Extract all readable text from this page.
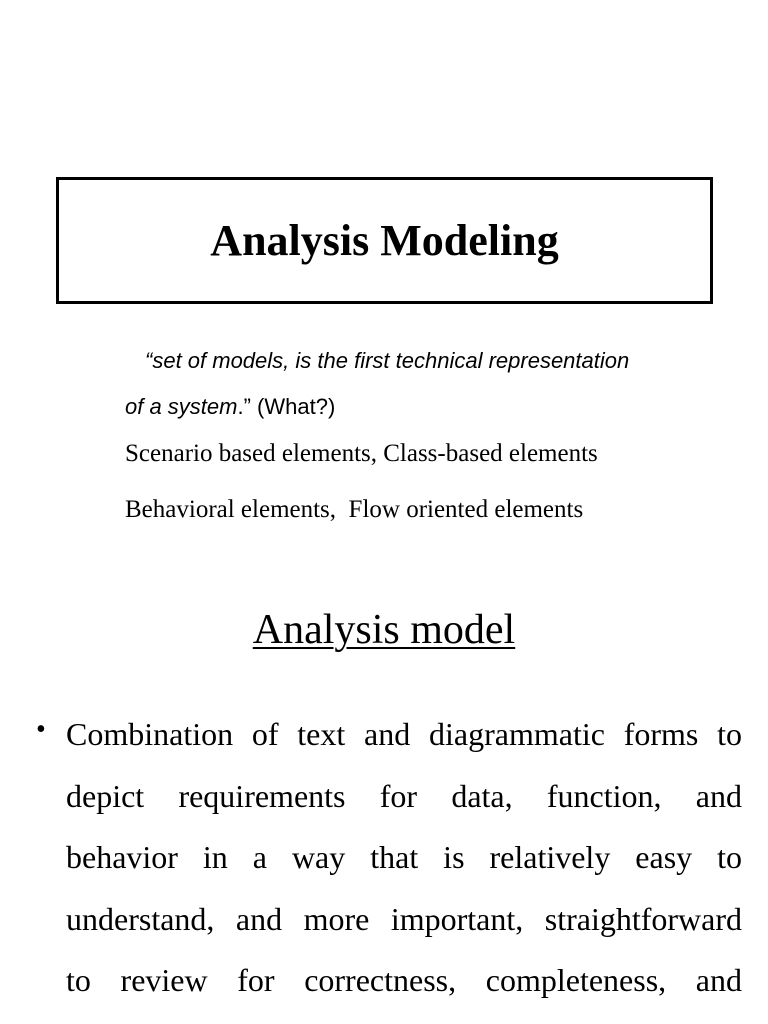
Analysis Modeling
“set of models, is the first technical representation
of a system.” (What?)
Scenario based elements, Class-based elements
Behavioral elements,  Flow oriented elements
Analysis model
• Combination of text and diagrammatic forms to
depict requirements for data, function, and
behavior in a way that is relatively easy to
understand, and more important, straightforward
to review for correctness, completeness, and
